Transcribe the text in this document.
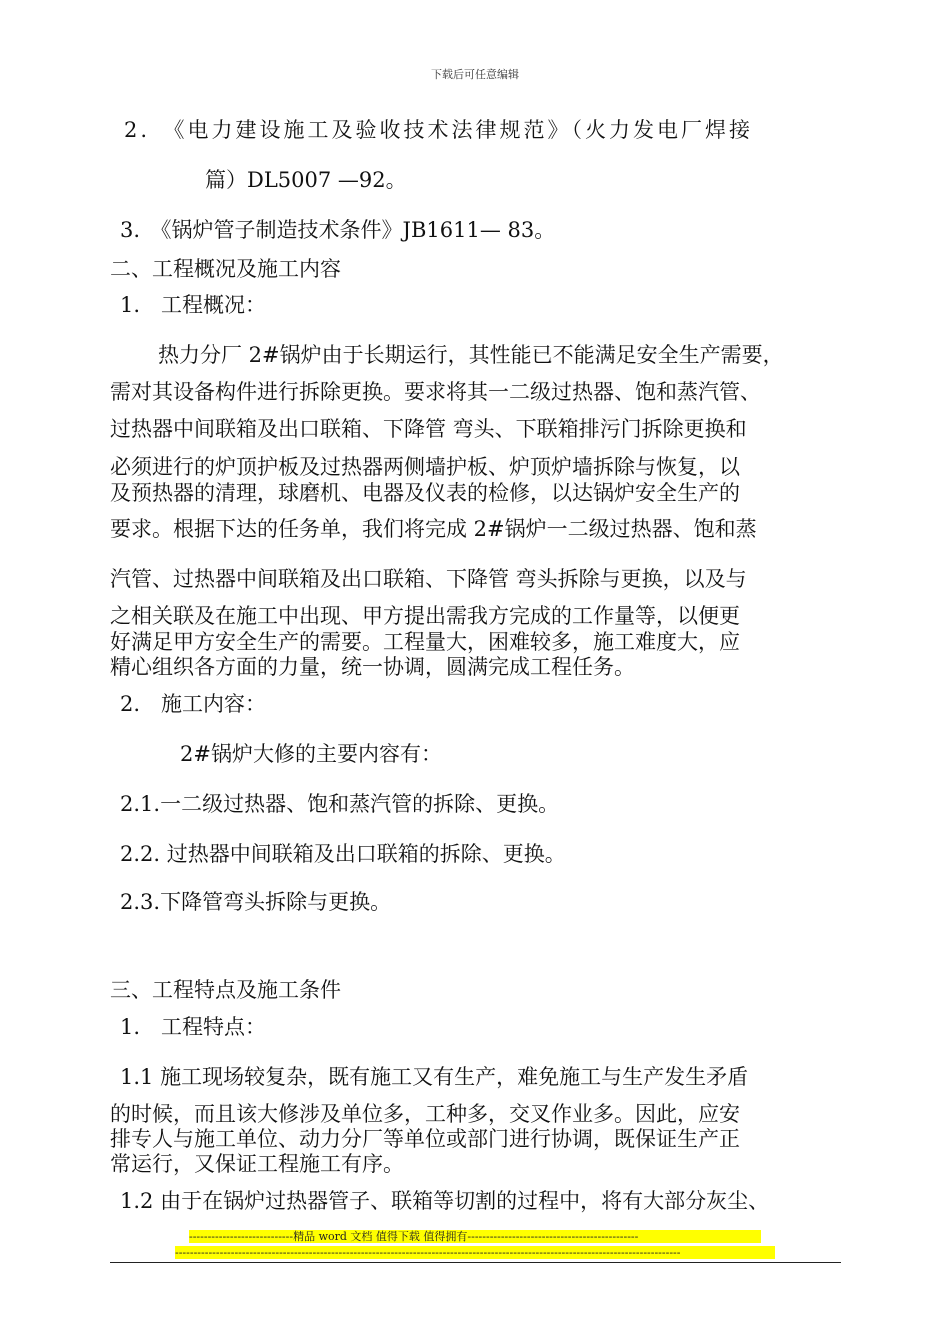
下载后可任意编辑
2.　《电力建设施工及验收技术法律规范》（火力发电厂焊接
篇）DL5007 —92。
3.　《锅炉管子制造技术条件》JB1611— 83。
二、工程概况及施工内容
1.　工程概况：
热力分厂 2#锅炉由于长期运行，其性能已不能满足安全生产需要，
需对其设备构件进行拆除更换。要求将其一二级过热器、饱和蒸汽管、
过热器中间联箱及出口联箱、下降管 弯头、下联箱排污门拆除更换和
必须进行的炉顶护板及过热器两侧墙护板、炉顶炉墙拆除与恢复，以
及预热器的清理，球磨机、电器及仪表的检修，以达锅炉安全生产的
要求。根据下达的任务单，我们将完成 2#锅炉一二级过热器、饱和蒸
汽管、过热器中间联箱及出口联箱、下降管 弯头拆除与更换，以及与
之相关联及在施工中出现、甲方提出需我方完成的工作量等，以便更
好满足甲方安全生产的需要。工程量大，困难较多，施工难度大，应
精心组织各方面的力量，统一协调，圆满完成工程任务。
2.　施工内容：
2#锅炉大修的主要内容有：
2.1.一二级过热器、饱和蒸汽管的拆除、更换。
2.2. 过热器中间联箱及出口联箱的拆除、更换。
2.3.下降管弯头拆除与更换。
三、工程特点及施工条件
1.　工程特点：
1.1 施工现场较复杂，既有施工又有生产，难免施工与生产发生矛盾
的时候，而且该大修涉及单位多，工种多，交叉作业多。因此，应安
排专人与施工单位、动力分厂等单位或部门进行协调，既保证生产正
常运行，又保证工程施工有序。
1.2 由于在锅炉过热器管子、联箱等切割的过程中，将有大部分灰尘、
----------------------------精品 word 文档 值得下载 值得拥有----------------------------------------------
----------------------------------------------------------------------------------------------------------------------------------------
